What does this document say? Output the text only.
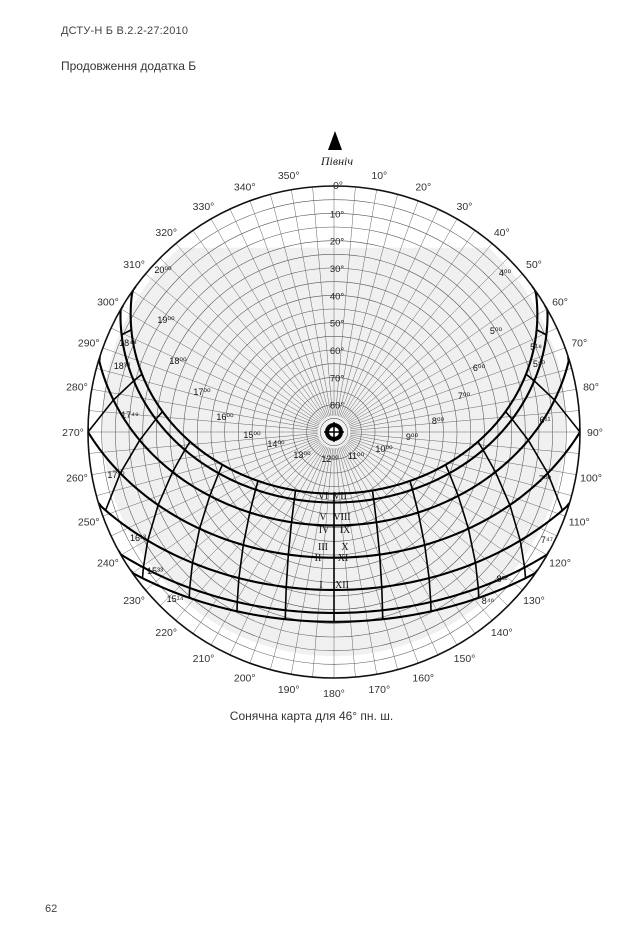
ДСТУ-Н Б В.2.2-27:2010
Продовження додатка Б
Північ
10°
20°
30°
40°
50°
60°
70°
80°
90°
100°
110°
120°
130°
140°
150°
160°
170°
180°
190°
200°
210°
220°
230°
240°
250°
260°
270°
280°
290°
300°
310°
320°
330°
340°
350°
0°
10°
20°
30°
40°
50°
60°
70°
80°
4⁰⁰
5⁰⁰
5¹⁸
5⁵⁰
6⁰⁰
6¹¹
7⁰⁰
7⁰⁰
7⁴⁷
8²²
8⁴⁶
8⁰⁰
9⁰⁰
10⁰⁰
11⁰⁰
12⁰⁰
13⁰⁰
14⁰⁰
15⁰⁰
16⁰⁰
17⁰⁰
17⁴⁹
17⁰⁰
18⁰⁰
18³⁰
18⁴⁸
19⁰⁰
20⁰⁰
16¹³
15³³
15¹⁴
VI VII
V VIII
IV IX
III X
II XI
I XII
Сонячна карта для 46° пн. ш.
62
